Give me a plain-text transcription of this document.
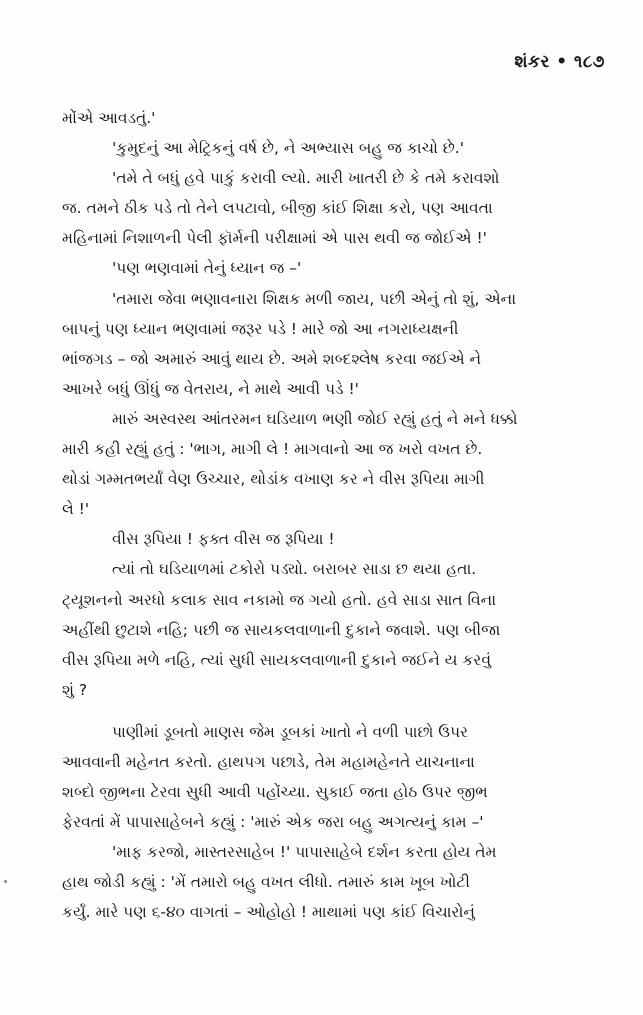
શંકર • ૧૮૭
મોંએ આવડતું.'
'કુમુદનું આ મેટ્રિકનું વર્ષ છે, ને અભ્યાસ બહુ જ કાચો છે.'
'તમે તે બધું હવે પાકું કરાવી લ્યો. મારી ખાતરી છે કે તમે કરાવશો
જ. તમને ઠીક પડે તો તેને લપટાવો, બીજી કાંઈ શિક્ષા કરો, પણ આવતા
મહિનામાં નિશાળની પેલી ફૉર્મની પરીક્ષામાં એ પાસ થવી જ જોઈએ !'
'પણ ભણવામાં તેનું ધ્યાન જ –'
'તમારા જેવા ભણાવનારા શિક્ષક મળી જાય, પછી એનું તો શું, એના
બાપનું પણ ધ્યાન ભણવામાં જરૂર પડે ! મારે જો આ નગરાધ્યક્ષની
ભાંજગડ – જો અમારું આવું થાય છે. અમે શબ્દશ્લેષ કરવા જઈએ ને
આખરે બધું ઊંધું જ વેતરાય, ને માથે આવી પડે !'
મારું અસ્વસ્થ આંતરમન ઘડિયાળ ભણી જોઈ રહ્યું હતું ને મને ધક્કો
મારી કહી રહ્યું હતું : 'ભાગ, માગી લે ! માગવાનો આ જ ખરો વખત છે.
થોડાં ગમ્મતભર્યાં વેણ ઉચ્ચાર, થોડાંક વખાણ કર ને વીસ રૂપિયા માગી
લે !'
વીસ રૂપિયા ! ફક્ત વીસ જ રૂપિયા !
ત્યાં તો ઘડિયાળમાં ટકોરો પડ્યો. બરાબર સાડા છ થયા હતા.
ટ્યૂશનનો અરધો કલાક સાવ નકામો જ ગયો હતો. હવે સાડા સાત વિના
અહીંથી છુટાશે નહિ; પછી જ સાયકલવાળાની દુકાને જવાશે. પણ બીજા
વીસ રૂપિયા મળે નહિ, ત્યાં સુધી સાયકલવાળાની દુકાને જઈને ય કરવું
શું ?
પાણીમાં ડૂબતો માણસ જેમ ડૂબકાં ખાતો ને વળી પાછો ઉપર
આવવાની મહેનત કરતો. હાથપગ પછાડે, તેમ મહામહેનતે યાચનાના
શબ્દો જીભના ટેરવા સુધી આવી પહોંચ્યા. સુકાઈ જતા હોઠ ઉપર જીભ
ફેરવતાં મેં પાપાસાહેબને કહ્યું : 'મારું એક જરા બહુ અગત્યનું કામ –'
'માફ કરજો, માસ્તરસાહેબ !' પાપાસાહેબે દર્શન કરતા હોય તેમ
હાથ જોડી કહ્યું : 'મેં તમારો બહુ વખત લીધો. તમારું કામ ખૂબ ખોટી
કર્યું. મારે પણ ૬-૪૦ વાગતાં – ઓહોહો ! માથામાં પણ કાંઈ વિચારોનું
